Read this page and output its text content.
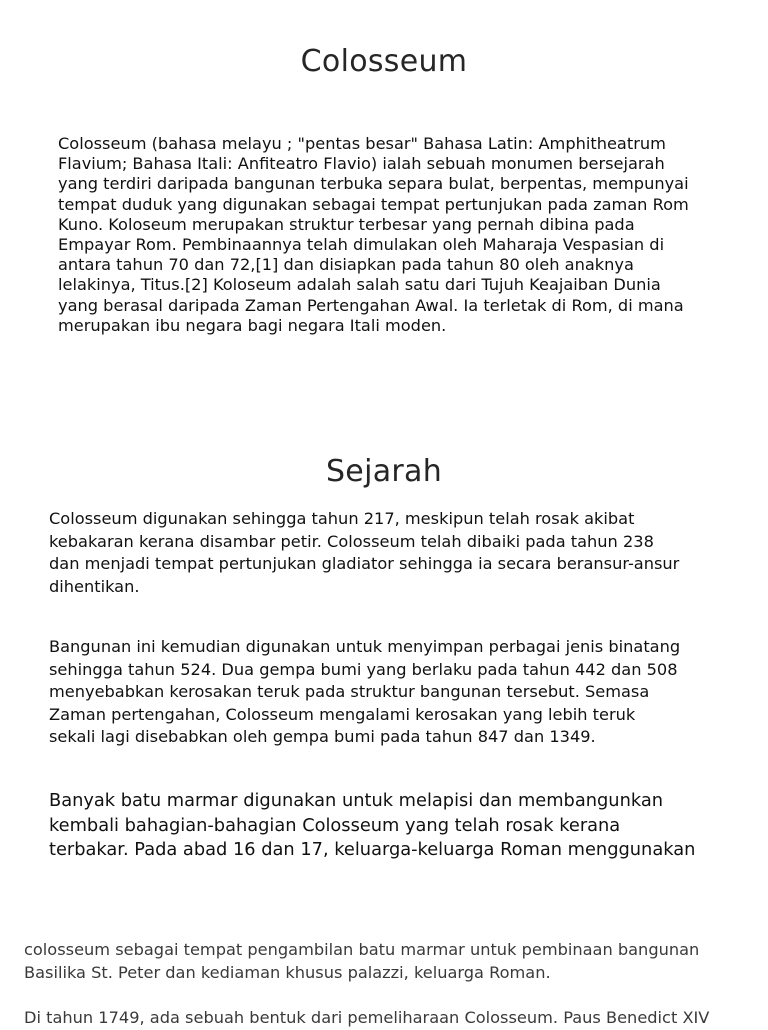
Colosseum
Colosseum (bahasa melayu ; "pentas besar" Bahasa Latin: Amphitheatrum
Flavium; Bahasa Itali: Anfiteatro Flavio) ialah sebuah monumen bersejarah
yang terdiri daripada bangunan terbuka separa bulat, berpentas, mempunyai
tempat duduk yang digunakan sebagai tempat pertunjukan pada zaman Rom
Kuno. Koloseum merupakan struktur terbesar yang pernah dibina pada
Empayar Rom. Pembinaannya telah dimulakan oleh Maharaja Vespasian di
antara tahun 70 dan 72,[1] dan disiapkan pada tahun 80 oleh anaknya
lelakinya, Titus.[2] Koloseum adalah salah satu dari Tujuh Keajaiban Dunia
yang berasal daripada Zaman Pertengahan Awal. Ia terletak di Rom, di mana
merupakan ibu negara bagi negara Itali moden.
Sejarah
Colosseum digunakan sehingga tahun 217, meskipun telah rosak akibat
kebakaran kerana disambar petir. Colosseum telah dibaiki pada tahun 238
dan menjadi tempat pertunjukan gladiator sehingga ia secara beransur-ansur
dihentikan.
Bangunan ini kemudian digunakan untuk menyimpan perbagai jenis binatang
sehingga tahun 524. Dua gempa bumi yang berlaku pada tahun 442 dan 508
menyebabkan kerosakan teruk pada struktur bangunan tersebut. Semasa
Zaman pertengahan, Colosseum mengalami kerosakan yang lebih teruk
sekali lagi disebabkan oleh gempa bumi pada tahun 847 dan 1349.
Banyak batu marmar digunakan untuk melapisi dan membangunkan
kembali bahagian-bahagian Colosseum yang telah rosak kerana
terbakar. Pada abad 16 dan 17, keluarga-keluarga Roman menggunakan
colosseum sebagai tempat pengambilan batu marmar untuk pembinaan bangunan
Basilika St. Peter dan kediaman khusus palazzi, keluarga Roman.
Di tahun 1749, ada sebuah bentuk dari pemeliharaan Colosseum. Paus Benedict XIV
